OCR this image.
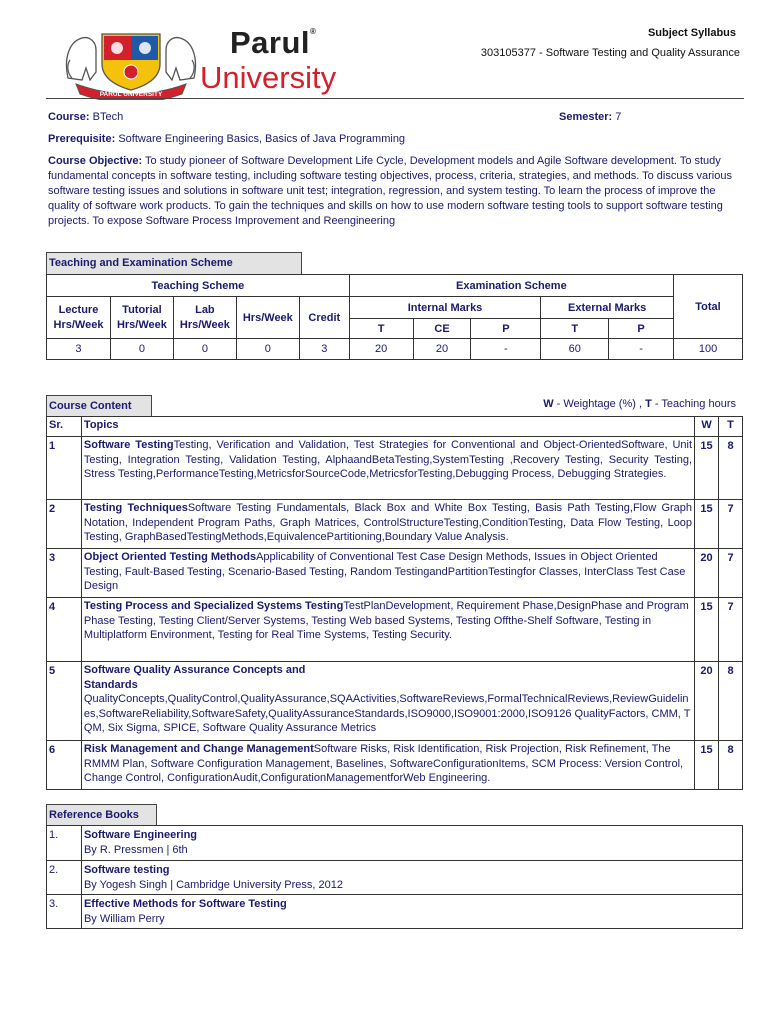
PARUL UNIVERSITY
Parul®
University
Subject Syllabus
303105377 - Software Testing and Quality Assurance
Course: BTech	Semester: 7
Prerequisite: Software Engineering Basics, Basics of Java Programming
Course Objective: To study pioneer of Software Development Life Cycle, Development models and Agile Software development. To study fundamental concepts in software testing, including software testing objectives, process, criteria, strategies, and methods. To discuss various software testing issues and solutions in software unit test; integration, regression, and system testing. To learn the process of improve the quality of software work products. To gain the techniques and skills on how to use modern software testing tools to support software testing projects. To expose Software Process Improvement and Reengineering
Teaching and Examination Scheme
Teaching Scheme					Examination Scheme					Total
Lecture Hrs/Week	Tutorial Hrs/Week	Lab Hrs/Week	Hrs/Week	Credit	Internal Marks			External Marks		
					T	CE	P	T	P	
3	0	0	0	3	20	20	-	60	-	100
Course Content	W - Weightage (%) , T - Teaching hours
Sr.	Topics	W	T
1	Software TestingTesting, Verification and Validation, Test Strategies for Conventional and Object-OrientedSoftware, Unit Testing, Integration Testing, Validation Testing, AlphaandBetaTesting,SystemTesting ,Recovery Testing, Security Testing, Stress Testing,PerformanceTesting,MetricsforSourceCode,MetricsforTesting,Debugging Process, Debugging Strategies.	15	8
2	Testing TechniquesSoftware Testing Fundamentals, Black Box and White Box Testing, Basis Path Testing,Flow Graph Notation, Independent Program Paths, Graph Matrices, ControlStructureTesting,ConditionTesting, Data Flow Testing, Loop Testing, GraphBasedTestingMethods,EquivalencePartitioning,Boundary Value Analysis.	15	7
3	Object Oriented Testing MethodsApplicability of Conventional Test Case Design Methods, Issues in Object Oriented Testing, Fault-Based Testing, Scenario-Based Testing, Random TestingandPartitionTestingfor Classes, InterClass Test Case Design	20	7
4	Testing Process and Specialized Systems TestingTestPlanDevelopment, Requirement Phase,DesignPhase and Program Phase Testing, Testing Client/Server Systems, Testing Web based Systems, Testing Offthe-Shelf Software, Testing in Multiplatform Environment, Testing for Real Time Systems, Testing Security.	15	7
5	Software Quality Assurance Concepts and Standards
QualityConcepts,QualityControl,QualityAssurance,SQAActivities,SoftwareReviews,FormalTechnicalReviews,ReviewGuidelines,SoftwareReliability,SoftwareSafety,QualityAssuranceStandards,ISO9000,ISO9001:2000,ISO9126 QualityFactors, CMM, TQM, Six Sigma, SPICE, Software Quality Assurance Metrics	20	8
6	Risk Management and Change ManagementSoftware Risks, Risk Identification, Risk Projection, Risk Refinement, The RMMM Plan, Software Configuration Management, Baselines, SoftwareConfigurationItems, SCM Process: Version Control, Change Control, ConfigurationAudit,ConfigurationManagementforWeb Engineering.	15	8
Reference Books
1.	Software Engineering
By R. Pressmen | 6th
2.	Software testing
By Yogesh Singh | Cambridge University Press, 2012
3.	Effective Methods for Software Testing
By William Perry
